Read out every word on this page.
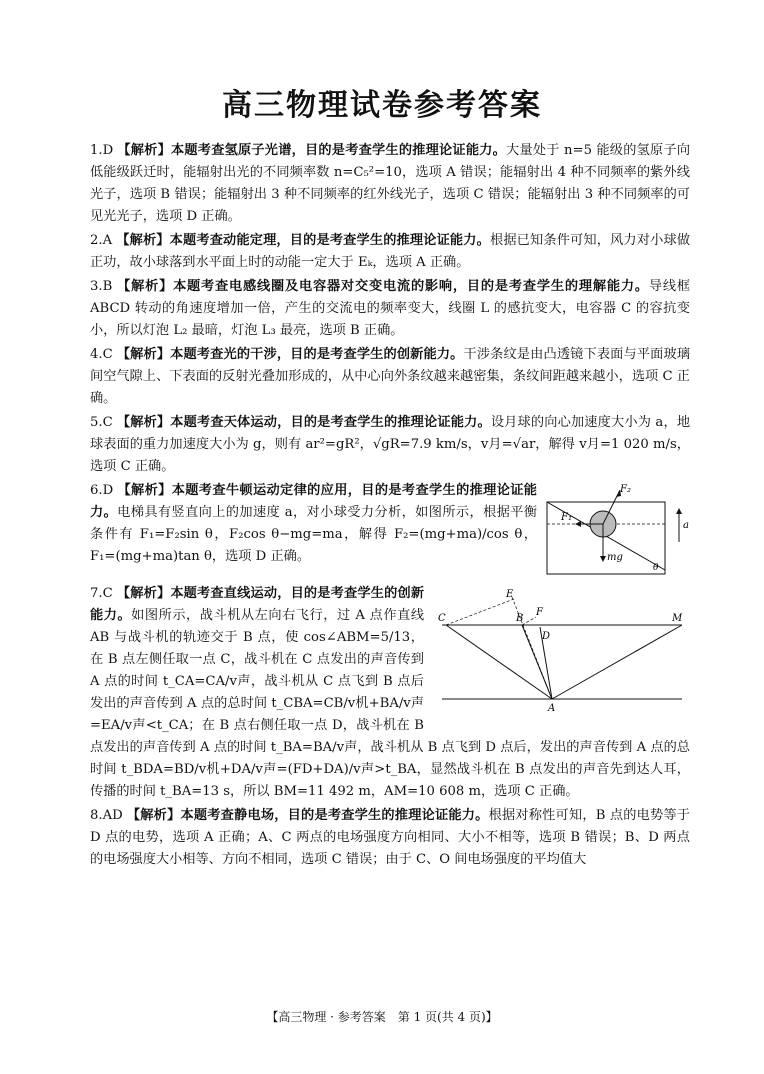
高三物理试卷参考答案

1.D 【解析】本题考查氢原子光谱，目的是考查学生的推理论证能力。大量处于 n=5 能级的氢原子向低能级跃迁时，能辐射出光的不同频率数 n=C₅²=10，选项 A 错误；能辐射出 4 种不同频率的紫外线光子，选项 B 错误；能辐射出 3 种不同频率的红外线光子，选项 C 错误；能辐射出 3 种不同频率的可见光光子，选项 D 正确。

2.A 【解析】本题考查动能定理，目的是考查学生的推理论证能力。根据已知条件可知，风力对小球做正功，故小球落到水平面上时的动能一定大于 Eₖ，选项 A 正确。

3.B 【解析】本题考查电感线圈及电容器对交变电流的影响，目的是考查学生的理解能力。导线框 ABCD 转动的角速度增加一倍，产生的交流电的频率变大，线圈 L 的感抗变大，电容器 C 的容抗变小，所以灯泡 L₂ 最暗，灯泡 L₃ 最亮，选项 B 正确。

4.C 【解析】本题考查光的干涉，目的是考查学生的创新能力。干涉条纹是由凸透镜下表面与平面玻璃间空气隙上、下表面的反射光叠加形成的，从中心向外条纹越来越密集，条纹间距越来越小，选项 C 正确。

5.C 【解析】本题考查天体运动，目的是考查学生的推理论证能力。设月球的向心加速度大小为 a，地球表面的重力加速度大小为 g，则有 ar²=gR²，√gR=7.9 km/s，v月=√ar，解得 v月=1 020 m/s，选项 C 正确。

F₂
F₁
mg
a
θ
6.D 【解析】本题考查牛顿运动定律的应用，目的是考查学生的推理论证能力。电梯具有竖直向上的加速度 a，对小球受力分析，如图所示，根据平衡条件有 F₁=F₂sin θ，F₂cos θ−mg=ma，解得 F₂=(mg+ma)/cos θ，F₁=(mg+ma)tan θ，选项 D 正确。
E
F
C	B
D
M
A
7.C 【解析】本题考查直线运动，目的是考查学生的创新能力。如图所示，战斗机从左向右飞行，过 A 点作直线 AB 与战斗机的轨迹交于 B 点，使 cos∠ABM=5/13，在 B 点左侧任取一点 C，战斗机在 C 点发出的声音传到 A 点的时间 t_CA=CA/v声，战斗机从 C 点飞到 B 点后发出的声音传到 A 点的总时间 t_CBA=CB/v机+BA/v声=EA/v声<t_CA；在 B 点右侧任取一点 D，战斗机在 B 点发出的声音传到 A 点的时间 t_BA=BA/v声，战斗机从 B 点飞到 D 点后，发出的声音传到 A 点的总时间 t_BDA=BD/v机+DA/v声=(FD+DA)/v声>t_BA，显然战斗机在 B 点发出的声音先到达人耳，传播的时间 t_BA=13 s，所以 BM=11 492 m，AM=10 608 m，选项 C 正确。

8.AD 【解析】本题考查静电场，目的是考查学生的推理论证能力。根据对称性可知，B 点的电势等于 D 点的电势，选项 A 正确；A、C 两点的电场强度方向相同、大小不相等，选项 B 错误；B、D 两点的电场强度大小相等、方向不相同，选项 C 错误；由于 C、O 间电场强度的平均值大

【高三物理 · 参考答案　第 1 页(共 4 页)】
